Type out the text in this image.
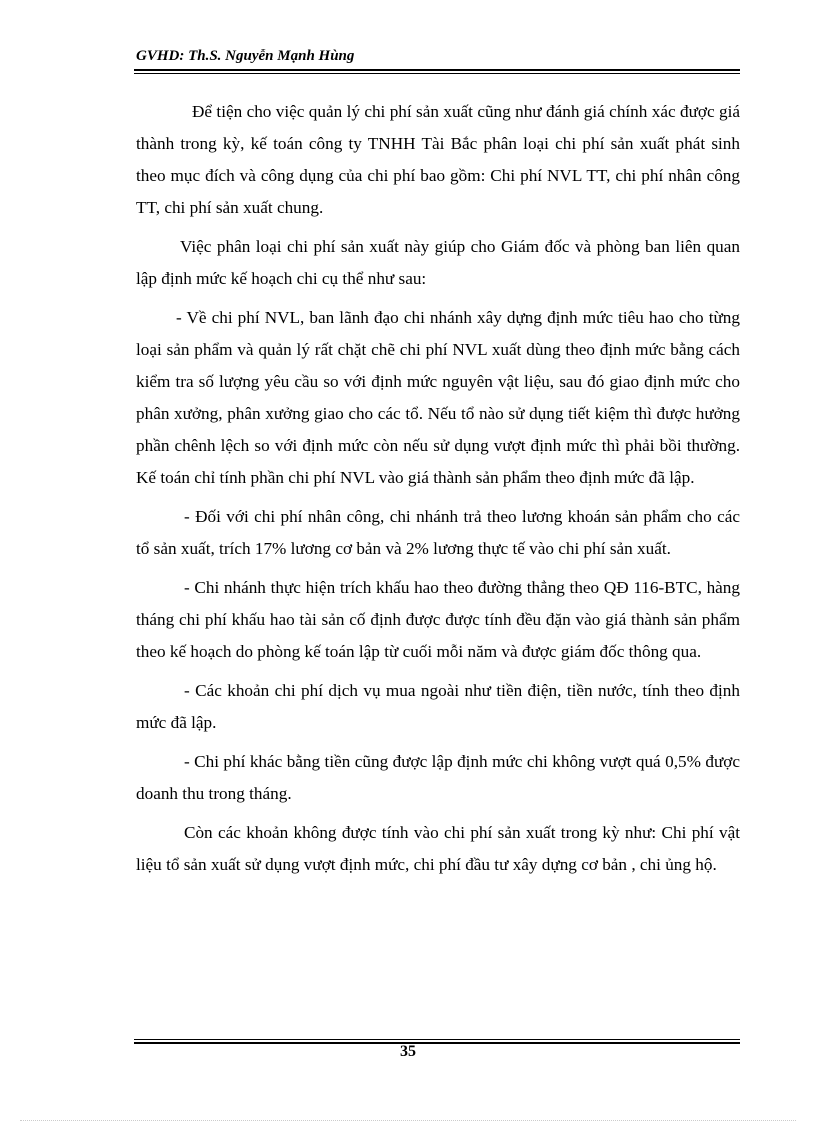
GVHD: Th.S. Nguyễn Mạnh Hùng

Để tiện cho việc quản lý chi phí sản xuất cũng như đánh giá chính xác được giá thành trong kỳ, kế toán công ty TNHH Tài Bắc phân loại chi phí sản xuất phát sinh theo mục đích và công dụng của chi phí bao gồm: Chi phí NVL TT, chi phí nhân công TT, chi phí sản xuất chung.

Việc phân loại chi phí sản xuất này giúp cho Giám đốc và phòng ban liên quan lập định mức kế hoạch chi cụ thể như sau:

- Về chi phí NVL, ban lãnh đạo chi nhánh xây dựng định mức tiêu hao cho từng loại sản phẩm và quản lý rất chặt chẽ chi phí NVL xuất dùng theo định mức bằng cách kiểm tra số lượng yêu cầu so với định mức nguyên vật liệu, sau đó giao định mức cho phân xưởng, phân xưởng giao cho các tổ. Nếu tổ nào sử dụng tiết kiệm thì được hưởng phần chênh lệch so với định mức còn nếu sử dụng vượt định mức thì phải bồi thường. Kế toán chỉ tính phần chi phí NVL vào giá thành sản phẩm theo định mức đã lập.

- Đối với chi phí nhân công, chi nhánh trả theo lương khoán sản phẩm cho các tổ sản xuất, trích 17% lương cơ bản và 2% lương thực tế vào chi phí sản xuất.

- Chi nhánh thực hiện trích khấu hao theo đường thẳng theo QĐ 116-BTC, hàng tháng chi phí khấu hao tài sản cố định được được tính đều đặn vào giá thành sản phẩm theo kế hoạch do phòng kế toán lập từ cuối mỗi năm và được giám đốc thông qua.

- Các khoản chi phí dịch vụ mua ngoài như tiền điện, tiền nước, tính theo định mức đã lập.

- Chi phí khác bằng tiền cũng được lập định mức chi không vượt quá 0,5% được doanh thu trong tháng.

Còn các khoản không được tính vào chi phí sản xuất trong kỳ như: Chi phí vật liệu tổ sản xuất sử dụng vượt định mức, chi phí đầu tư xây dựng cơ bản , chi ủng hộ.

35
